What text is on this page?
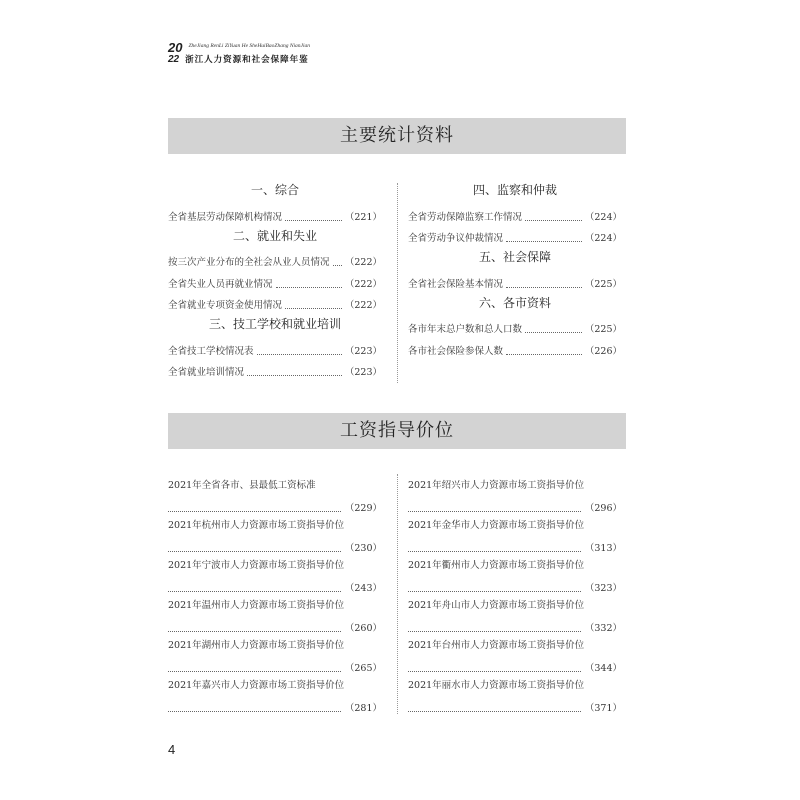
20 ZheJiang RenLi ZiYuan He SheHuiBaoZhang NianJian
22 浙江人力资源和社会保障年鉴
主要统计资料
一、综合
全省基层劳动保障机构情况	（221）
二、就业和失业
按三次产业分布的全社会从业人员情况 （222）
全省失业人员再就业情况	（222）
全省就业专项资金使用情况	（222）
三、技工学校和就业培训
全省技工学校情况表	（223）
全省就业培训情况	（223）
四、监察和仲裁
全省劳动保障监察工作情况	（224）
全省劳动争议仲裁情况	（224）
五、社会保障
全省社会保险基本情况	（225）
六、各市资料
各市年末总户数和总人口数	（225）
各市社会保险参保人数	（226）
工资指导价位
2021年全省各市、县最低工资标准
（229）
2021年杭州市人力资源市场工资指导价位
（230）
2021年宁波市人力资源市场工资指导价位
（243）
2021年温州市人力资源市场工资指导价位
（260）
2021年湖州市人力资源市场工资指导价位
（265）
2021年嘉兴市人力资源市场工资指导价位
（281）
2021年绍兴市人力资源市场工资指导价位
（296）
2021年金华市人力资源市场工资指导价位
（313）
2021年衢州市人力资源市场工资指导价位
（323）
2021年舟山市人力资源市场工资指导价位
（332）
2021年台州市人力资源市场工资指导价位
（344）
2021年丽水市人力资源市场工资指导价位
（371）
4
